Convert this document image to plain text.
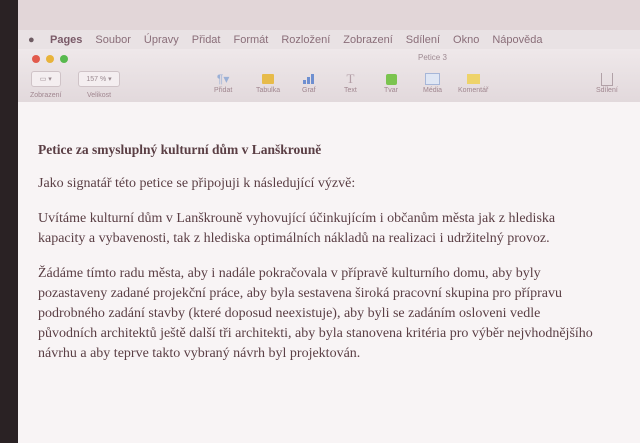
●	Pages Soubor Úpravy Přidat Formát Rozložení Zobrazení Sdílení Okno Nápověda
Petice 3
▭ ▾
Zobrazení
157 % ▾
Velikost
¶▾
Přidat	Tabulka	Graf
T
Text	Tvar	Média Komentář	Sdílení

Petice za smysluplný kulturní dům v Lanškrouně

Jako signatář této petice se připojuji k následující výzvě:

Uvítáme kulturní dům v Lanškrouně vyhovující účinkujícím i občanům města jak z hlediska
kapacity a vybavenosti, tak z hlediska optimálních nákladů na realizaci i udržitelný provoz.

Žádáme tímto radu města, aby i nadále pokračovala v přípravě kulturního domu, aby byly
pozastaveny zadané projekční práce, aby byla sestavena široká pracovní skupina pro přípravu
podrobného zadání stavby (které doposud neexistuje), aby byli se zadáním osloveni vedle
původních architektů ještě další tři architekti, aby byla stanovena kritéria pro výběr nejvhodnějšího
návrhu a aby teprve takto vybraný návrh byl projektován.
